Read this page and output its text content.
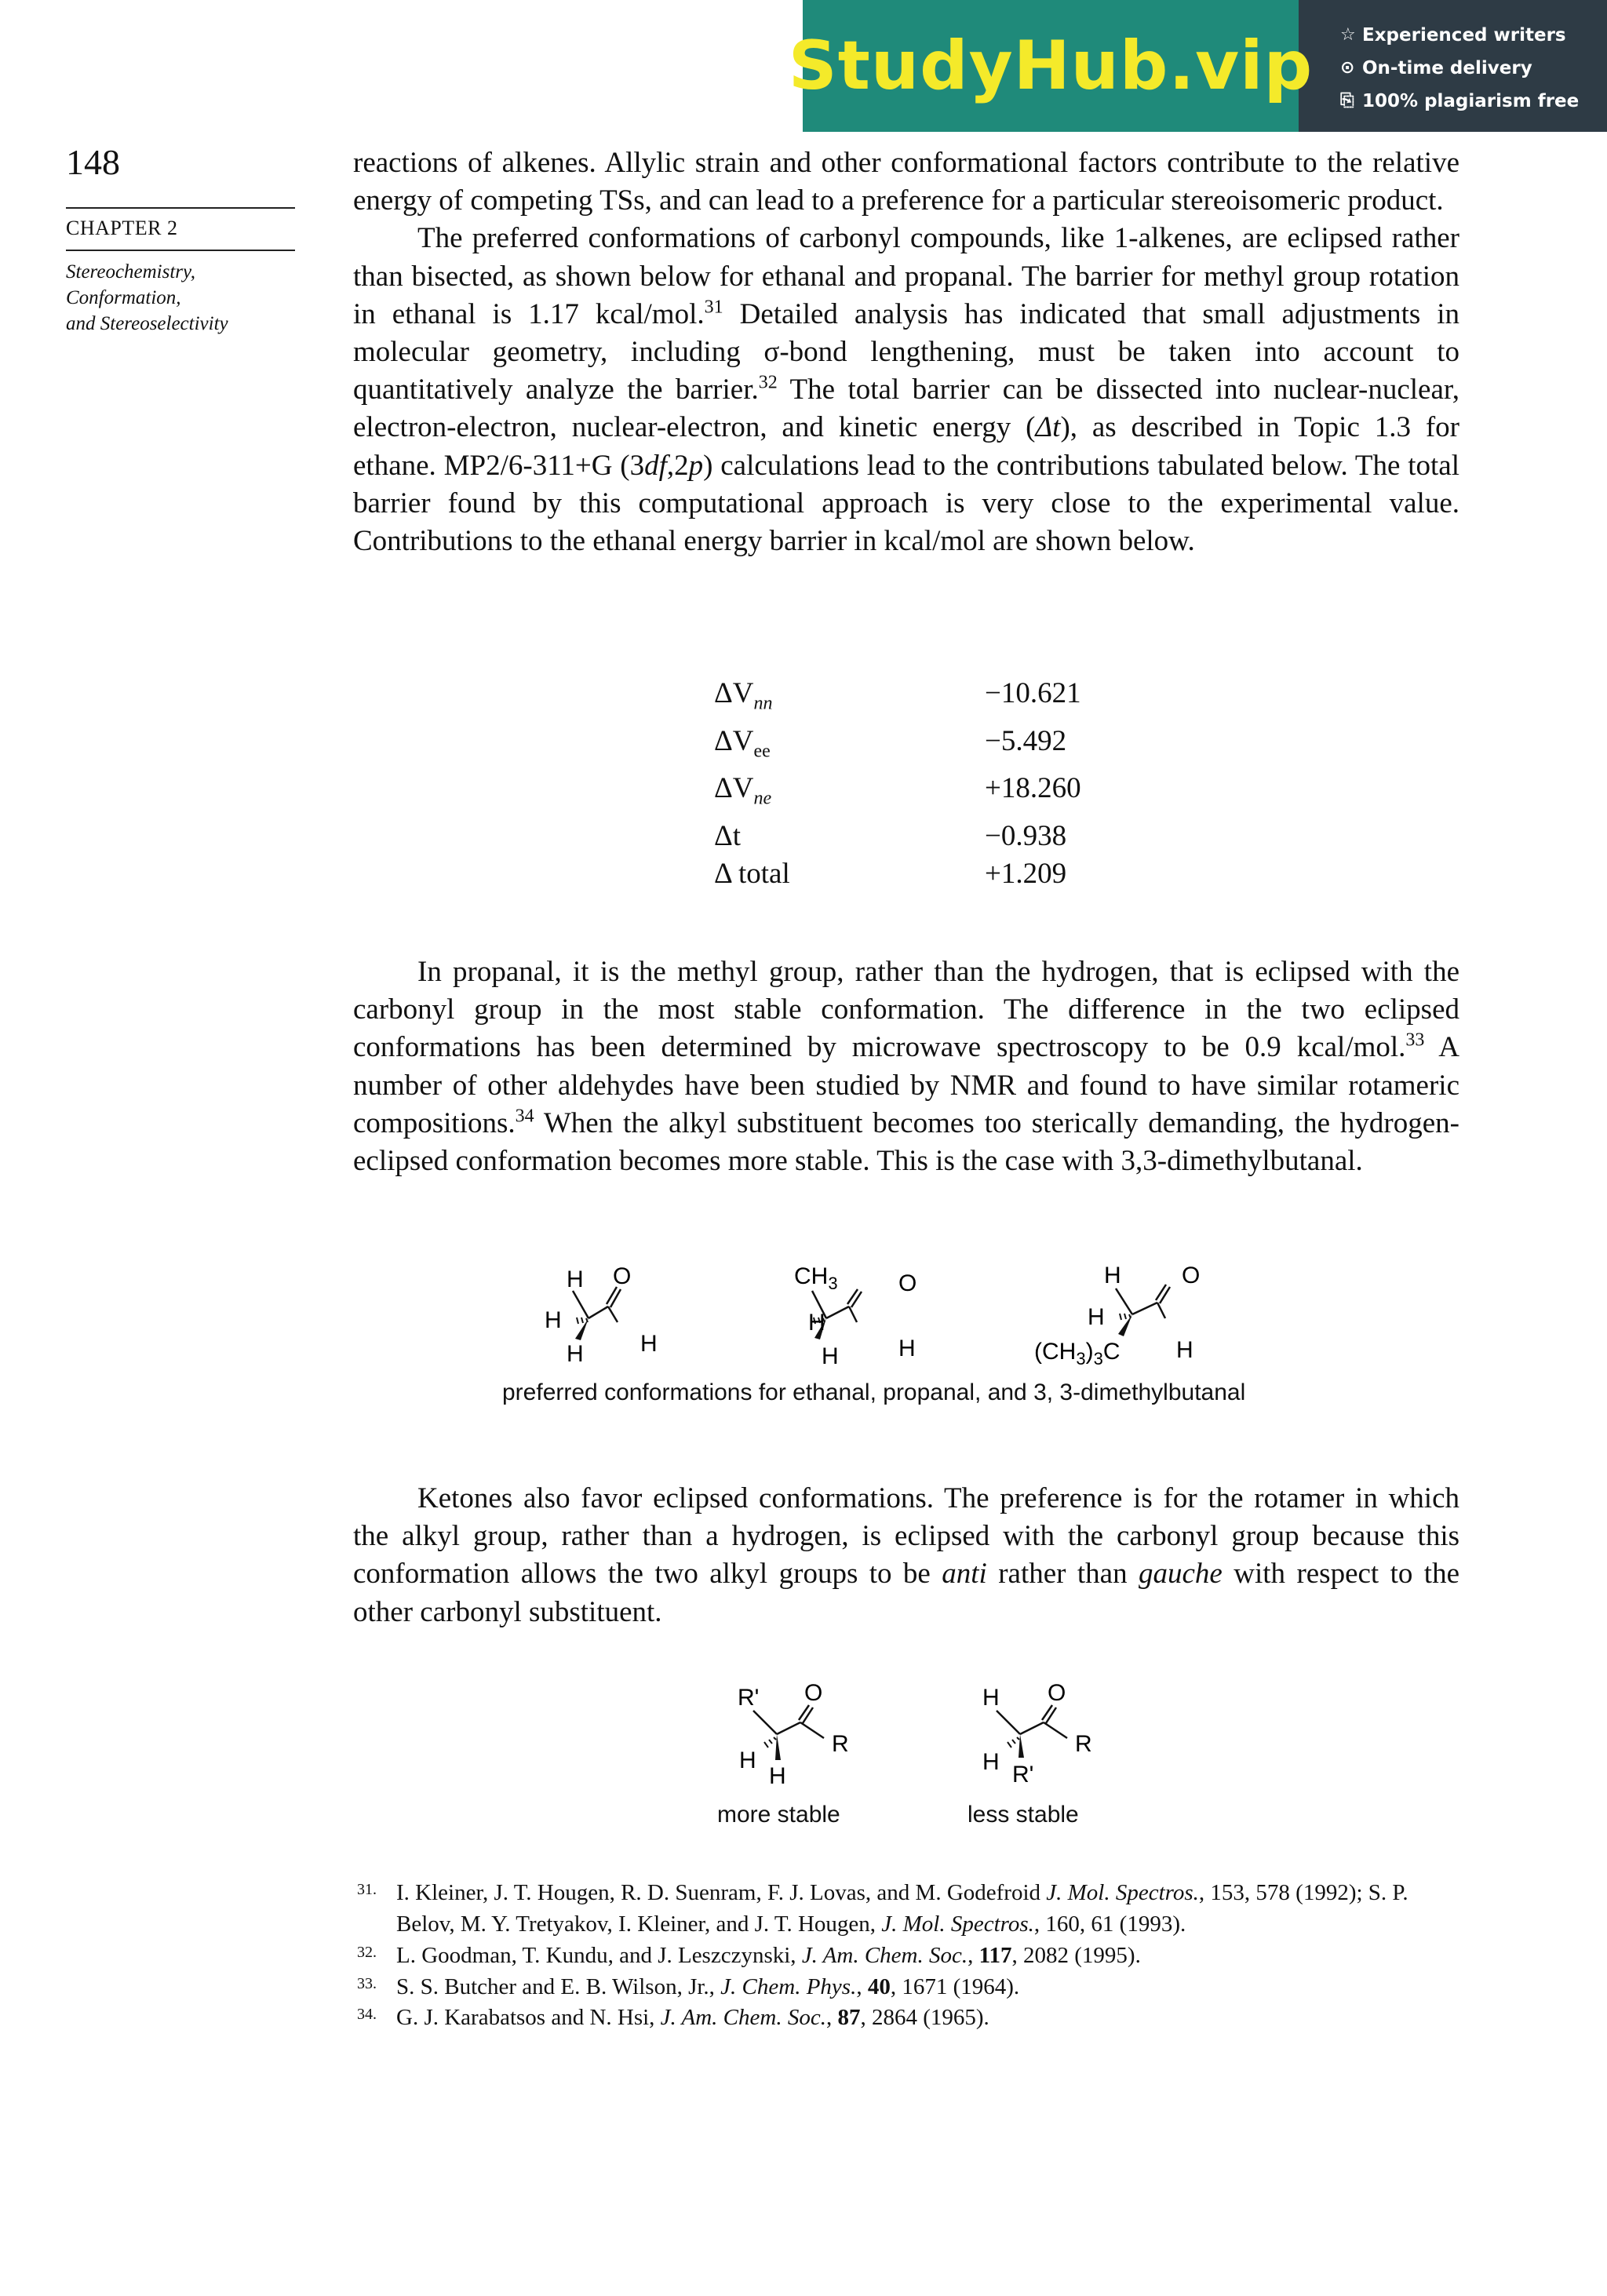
StudyHub.vip ☆ Experienced writers
⊙ On-time delivery
⎘ 100% plagiarism free
148
CHAPTER 2
Stereochemistry,
Conformation,
and Stereoselectivity

reactions of alkenes. Allylic strain and other conformational factors contribute to the relative energy of competing TSs, and can lead to a preference for a particular stereoisomeric product.

The preferred conformations of carbonyl compounds, like 1-alkenes, are eclipsed rather than bisected, as shown below for ethanal and propanal. The barrier for methyl group rotation in ethanal is 1.17 kcal/mol.$^{31}$ Detailed analysis has indicated that small adjustments in molecular geometry, including σ-bond lengthening, must be taken into account to quantitatively analyze the barrier.$^{32}$ The total barrier can be dissected into nuclear-nuclear, electron-electron, nuclear-electron, and kinetic energy (Δt), as described in Topic 1.3 for ethane. MP2/6-311+G (3df,2p) calculations lead to the contributions tabulated below. The total barrier found by this computational approach is very close to the experimental value. Contributions to the ethanal energy barrier in kcal/mol are shown below.

$\Delta V_{nn}$	−10.621
$\Delta V_{ee}$	−5.492
$\Delta V_{ne}$	+18.260
Δt	−0.938
Δ total	+1.209

In propanal, it is the methyl group, rather than the hydrogen, that is eclipsed with the carbonyl group in the most stable conformation. The difference in the two eclipsed conformations has been determined by microwave spectroscopy to be 0.9 kcal/mol.$^{33}$ A number of other aldehydes have been studied by NMR and found to have similar rotameric compositions.$^{34}$ When the alkyl substituent becomes too sterically demanding, the hydrogen-eclipsed conformation becomes more stable. This is the case with 3,3-dimethylbutanal.

H O
H
H H
$CH_3$	O
H
H	H
H	O
H
$(CH_3)_3C$ H
preferred conformations for ethanal, propanal, and 3, 3-dimethylbutanal

Ketones also favor eclipsed conformations. The preference is for the rotamer in which the alkyl group, rather than a hydrogen, is eclipsed with the carbonyl group because this conformation allows the two alkyl groups to be anti rather than gauche with respect to the other carbonyl substituent.

R' O
R
H
H
H O
R
H R'
more stable	less stable
31. I. Kleiner, J. T. Hougen, R. D. Suenram, F. J. Lovas, and M. Godefroid J. Mol. Spectros., 153, 578 (1992); S. P. Belov, M. Y. Tretyakov, I. Kleiner, and J. T. Hougen, J. Mol. Spectros., 160, 61 (1993).
32. L. Goodman, T. Kundu, and J. Leszczynski, J. Am. Chem. Soc., 117, 2082 (1995).
33. S. S. Butcher and E. B. Wilson, Jr., J. Chem. Phys., 40, 1671 (1964).
34. G. J. Karabatsos and N. Hsi, J. Am. Chem. Soc., 87, 2864 (1965).
